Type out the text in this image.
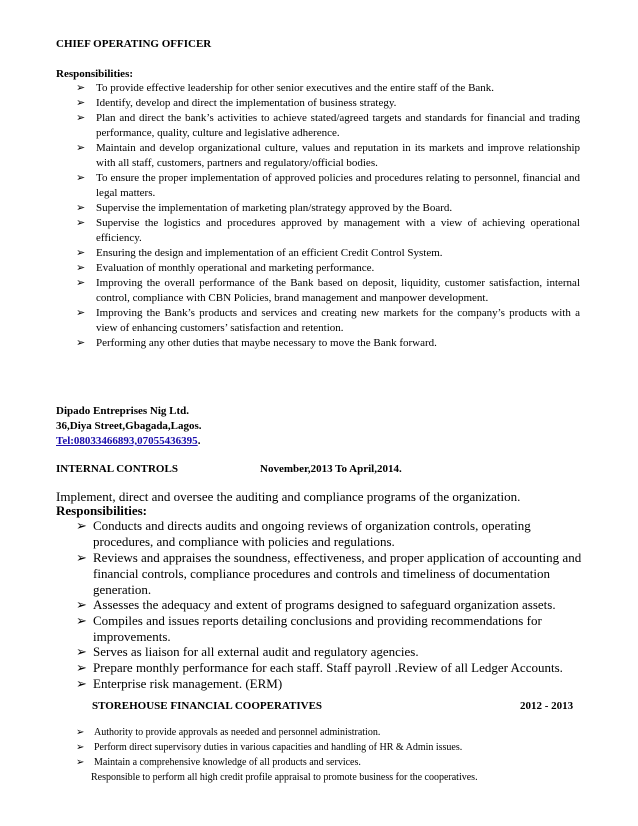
CHIEF OPERATING OFFICER
Responsibilities:
➢ To provide effective leadership for other senior executives and the entire staff of the Bank.
➢ Identify, develop and direct the implementation of business strategy.
➢ Plan and direct the bank’s activities to achieve stated/agreed targets and standards for financial and trading performance, quality, culture and legislative adherence.
➢ Maintain and develop organizational culture, values and reputation in its markets and improve relationship with all staff, customers, partners and regulatory/official bodies.
➢ To ensure the proper implementation of approved policies and procedures relating to personnel, financial and legal matters.
➢ Supervise the implementation of marketing plan/strategy approved by the Board.
➢ Supervise the logistics and procedures approved by management with a view of achieving operational efficiency.
➢ Ensuring the design and implementation of an efficient Credit Control System.
➢ Evaluation of monthly operational and marketing performance.
➢ Improving the overall performance of the Bank based on deposit, liquidity, customer satisfaction, internal control, compliance with CBN Policies, brand management and manpower development.
➢ Improving the Bank’s products and services and creating new markets for the company’s products with a view of enhancing customers’ satisfaction and retention.
➢ Performing any other duties that maybe necessary to move the Bank forward.
Dipado Entreprises Nig Ltd.
36,Diya Street,Gbagada,Lagos.
Tel:08033466893,07055436395.
INTERNAL CONTROLS	November,2013 To April,2014.
Implement, direct and oversee the auditing and compliance programs of the organization.
Responsibilities:
➢ Conducts and directs audits and ongoing reviews of organization controls, operating procedures, and compliance with policies and regulations.
➢ Reviews and appraises the soundness, effectiveness, and proper application of accounting and financial controls, compliance procedures and controls and timeliness of documentation generation.
➢ Assesses the adequacy and extent of programs designed to safeguard organization assets.
➢ Compiles and issues reports detailing conclusions and providing recommendations for improvements.
➢ Serves as liaison for all external audit and regulatory agencies.
➢ Prepare monthly performance for each staff. Staff payroll .Review of all Ledger Accounts.
➢ Enterprise risk management. (ERM)
STOREHOUSE FINANCIAL COOPERATIVES	2012 - 2013
➢ Authority to provide approvals as needed and personnel administration.
➢ Perform direct supervisory duties in various capacities and handling of HR & Admin issues.
➢ Maintain a comprehensive knowledge of all products and services.
Responsible to perform all high credit profile appraisal to promote business for the cooperatives.
